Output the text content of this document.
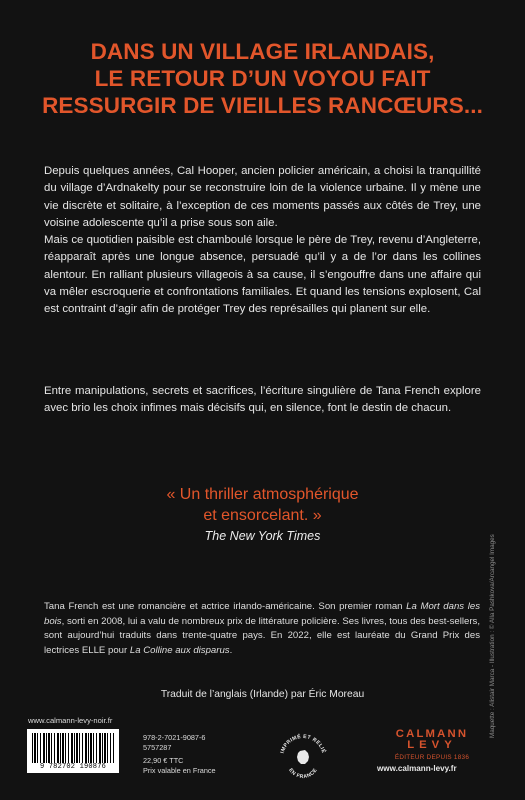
DANS UN VILLAGE IRLANDAIS,
LE RETOUR D’UN VOYOU FAIT
RESSURGIR DE VIEILLES RANCŒURS...

Depuis quelques années, Cal Hooper, ancien policier américain, a choisi la tranquillité du village d’Ardnakelty pour se reconstruire loin de la violence urbaine. Il y mène une vie discrète et solitaire, à l’exception de ces moments passés aux côtés de Trey, une voisine adolescente qu’il a prise sous son aile.

Mais ce quotidien paisible est chamboulé lorsque le père de Trey, revenu d’Angleterre, réapparaît après une longue absence, persuadé qu’il y a de l’or dans les collines alentour. En ralliant plusieurs villageois à sa cause, il s’engouffre dans une affaire qui va mêler escroquerie et confrontations familiales. Et quand les tensions explosent, Cal est contraint d’agir afin de protéger Trey des représailles qui planent sur elle.

Entre manipulations, secrets et sacrifices, l’écriture singulière de Tana French explore avec brio les choix infimes mais décisifs qui, en silence, font le destin de chacun.

« Un thriller atmosphérique
et ensorcelant. »
The New York Times

Tana French est une romancière et actrice irlando-américaine. Son premier roman La Mort dans les bois, sorti en 2008, lui a valu de nombreux prix de littérature policière. Ses livres, tous des best-sellers, sont aujourd’hui traduits dans trente-quatre pays. En 2022, elle est lauréate du Grand Prix des lectrices ELLE pour La Colline aux disparus.

Traduit de l’anglais (Irlande) par Éric Moreau	Maquette : Alistair Marca - Illustration : © Alla Pashkova/Arcangel Images
www.calmann-levy-noir.fr
9 782702 190876
978-2-7021-9087-6
5757287
22,90 € TTC
Prix valable en France
IMPRIMÉ ET RELIÉ
EN FRANCE
CALMANN
LEVY
ÉDITEUR DEPUIS 1836
www.calmann-levy.fr
